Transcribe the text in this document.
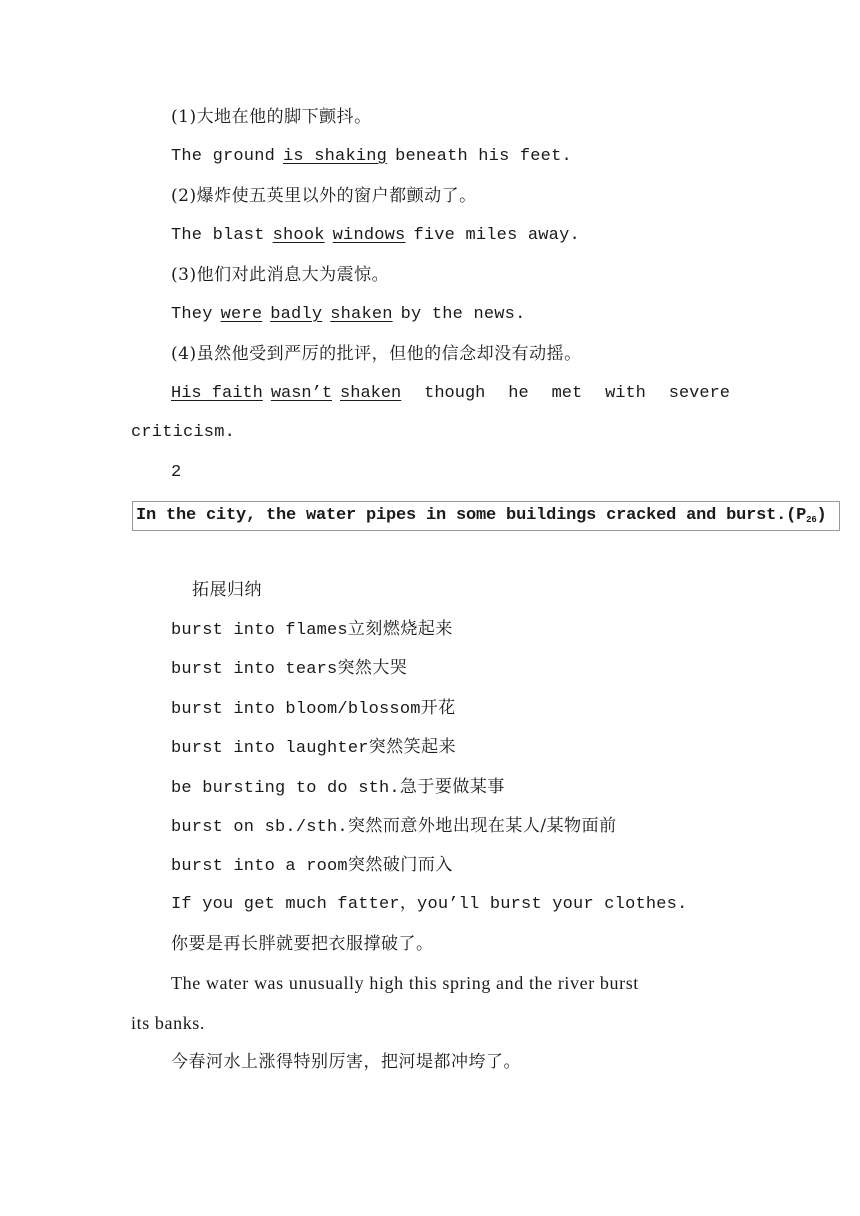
(1)大地在他的脚下颤抖。
The ground is shaking beneath his feet.
(2)爆炸使五英里以外的窗户都颤动了。
The blast shook windows five miles away.
(3)他们对此消息大为震惊。
They were badly shaken by the news.
(4)虽然他受到严厉的批评，但他的信念却没有动摇。
His faith wasn’t shaken though he met with severe
criticism.
2
In the city, the water pipes in some buildings cracked and $burst.(P_{26})$
拓展归纳
burst into flames立刻燃烧起来
burst into tears突然大哭
burst into bloom/blossom开花
burst into laughter突然笑起来
be bursting to do sth.急于要做某事
burst on sb./sth.突然而意外地出现在某人/某物面前
burst into a room突然破门而入
If you get much fatter，you’ll burst your clothes.
你要是再长胖就要把衣服撑破了。
The water was unusually high this spring and the river burst
its banks.
今春河水上涨得特别厉害，把河堤都冲垮了。
